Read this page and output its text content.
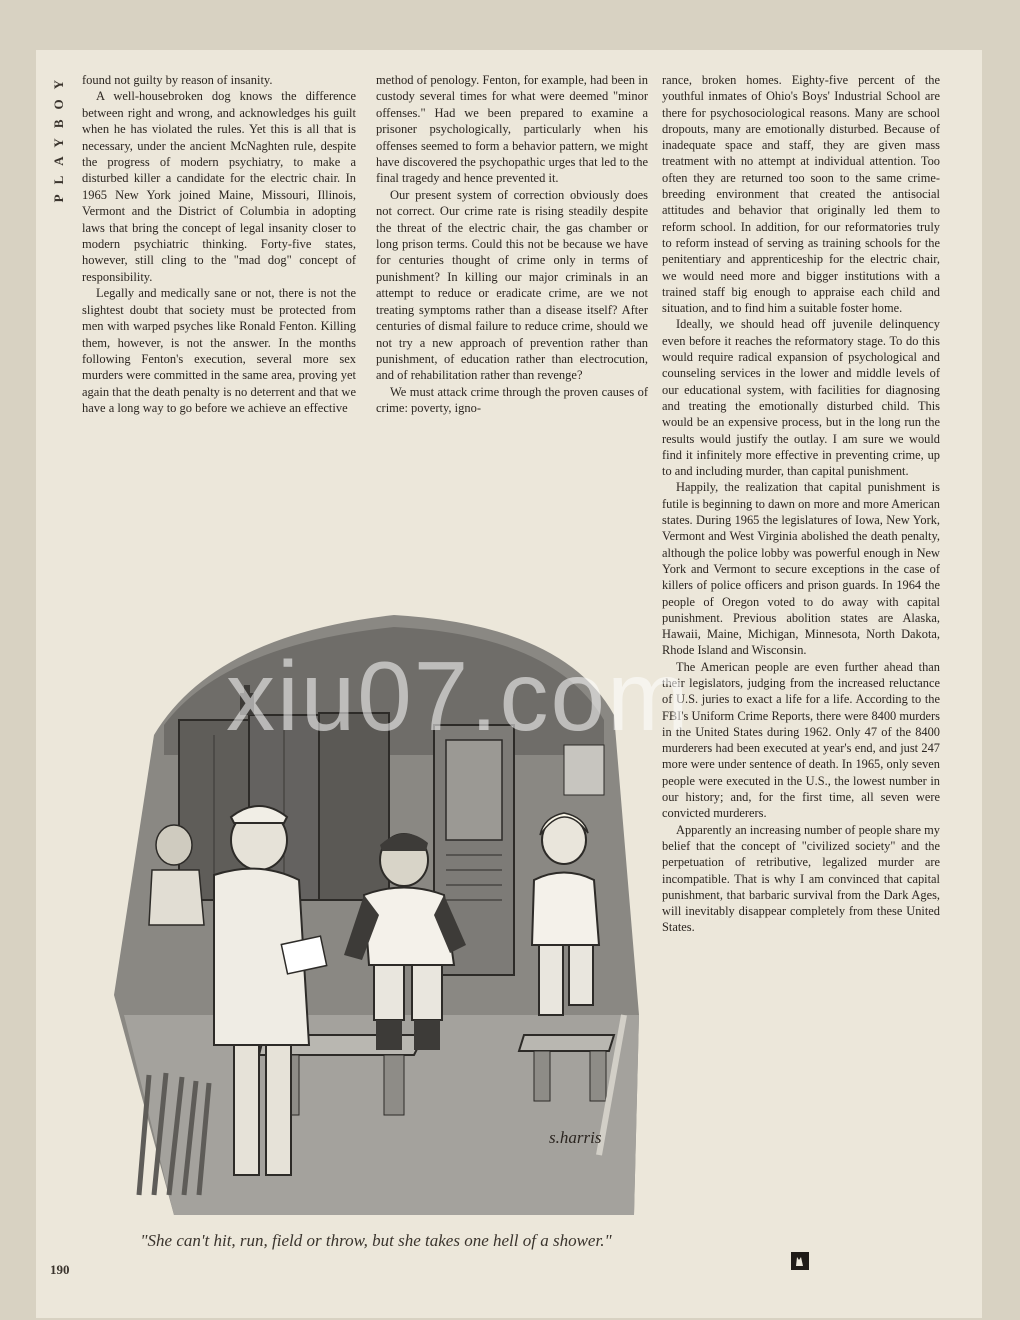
PLAYBOY	found not guilty by reason of insanity.

A well-housebroken dog knows the difference between right and wrong, and acknowledges his guilt when he has violated the rules. Yet this is all that is necessary, under the ancient McNaghten rule, despite the progress of modern psychiatry, to make a disturbed killer a candidate for the electric chair. In 1965 New York joined Maine, Missouri, Illinois, Vermont and the District of Columbia in adopting laws that bring the concept of legal insanity closer to modern psychiatric thinking. Forty-five states, however, still cling to the "mad dog" concept of responsibility.

Legally and medically sane or not, there is not the slightest doubt that society must be protected from men with warped psyches like Ronald Fenton. Killing them, however, is not the answer. In the months following Fenton's execution, several more sex murders were committed in the same area, proving yet again that the death penalty is no deterrent and that we have a long way to go before we achieve an effective

method of penology. Fenton, for example, had been in custody several times for what were deemed "minor offenses." Had we been prepared to examine a prisoner psychologically, particularly when his offenses seemed to form a behavior pattern, we might have discovered the psychopathic urges that led to the final tragedy and hence prevented it.

Our present system of correction obviously does not correct. Our crime rate is rising steadily despite the threat of the electric chair, the gas chamber or long prison terms. Could this not be because we have for centuries thought of crime only in terms of punishment? In killing our major criminals in an attempt to reduce or eradicate crime, are we not treating symptoms rather than a disease itself? After centuries of dismal failure to reduce crime, should we not try a new approach of prevention rather than punishment, of education rather than electrocution, and of rehabilitation rather than revenge?

We must attack crime through the proven causes of crime: poverty, igno-

rance, broken homes. Eighty-five percent of the youthful inmates of Ohio's Boys' Industrial School are there for psychosociological reasons. Many are school dropouts, many are emotionally disturbed. Because of inadequate space and staff, they are given mass treatment with no attempt at individual attention. Too often they are returned too soon to the same crime-breeding environment that created the antisocial attitudes and behavior that originally led them to reform school. In addition, for our reformatories truly to reform instead of serving as training schools for the penitentiary and apprenticeship for the electric chair, we would need more and bigger institutions with a trained staff big enough to appraise each child and situation, and to find him a suitable foster home.

Ideally, we should head off juvenile delinquency even before it reaches the reformatory stage. To do this would require radical expansion of psychological and counseling services in the lower and middle levels of our educational system, with facilities for diagnosing and treating the emotionally disturbed child. This would be an expensive process, but in the long run the results would justify the outlay. I am sure we would find it infinitely more effective in preventing crime, up to and including murder, than capital punishment.

Happily, the realization that capital punishment is futile is beginning to dawn on more and more American states. During 1965 the legislatures of Iowa, New York, Vermont and West Virginia abolished the death penalty, although the police lobby was powerful enough in New York and Vermont to secure exceptions in the case of killers of police officers and prison guards. In 1964 the people of Oregon voted to do away with capital punishment. Previous abolition states are Alaska, Hawaii, Maine, Michigan, Minnesota, North Dakota, Rhode Island and Wisconsin.

The American people are even further ahead than their legislators, judging from the increased reluctance of U.S. juries to exact a life for a life. According to the FBI's Uniform Crime Reports, there were 8400 murders in the United States during 1962. Only 47 of the 8400 murderers had been executed at year's end, and just 247 more were under sentence of death. In 1965, only seven people were executed in the U.S., the lowest number in our history; and, for the first time, all seven were convicted murderers.

Apparently an increasing number of people share my belief that the concept of "civilized society" and the perpetuation of retributive, legalized murder are incompatible. That is why I am convinced that capital punishment, that barbaric survival from the Dark Ages, will inevitably disappear completely from these United States.

s.harris
"She can't hit, run, field or throw, but she takes one hell of a shower."
190
xiu07.com
